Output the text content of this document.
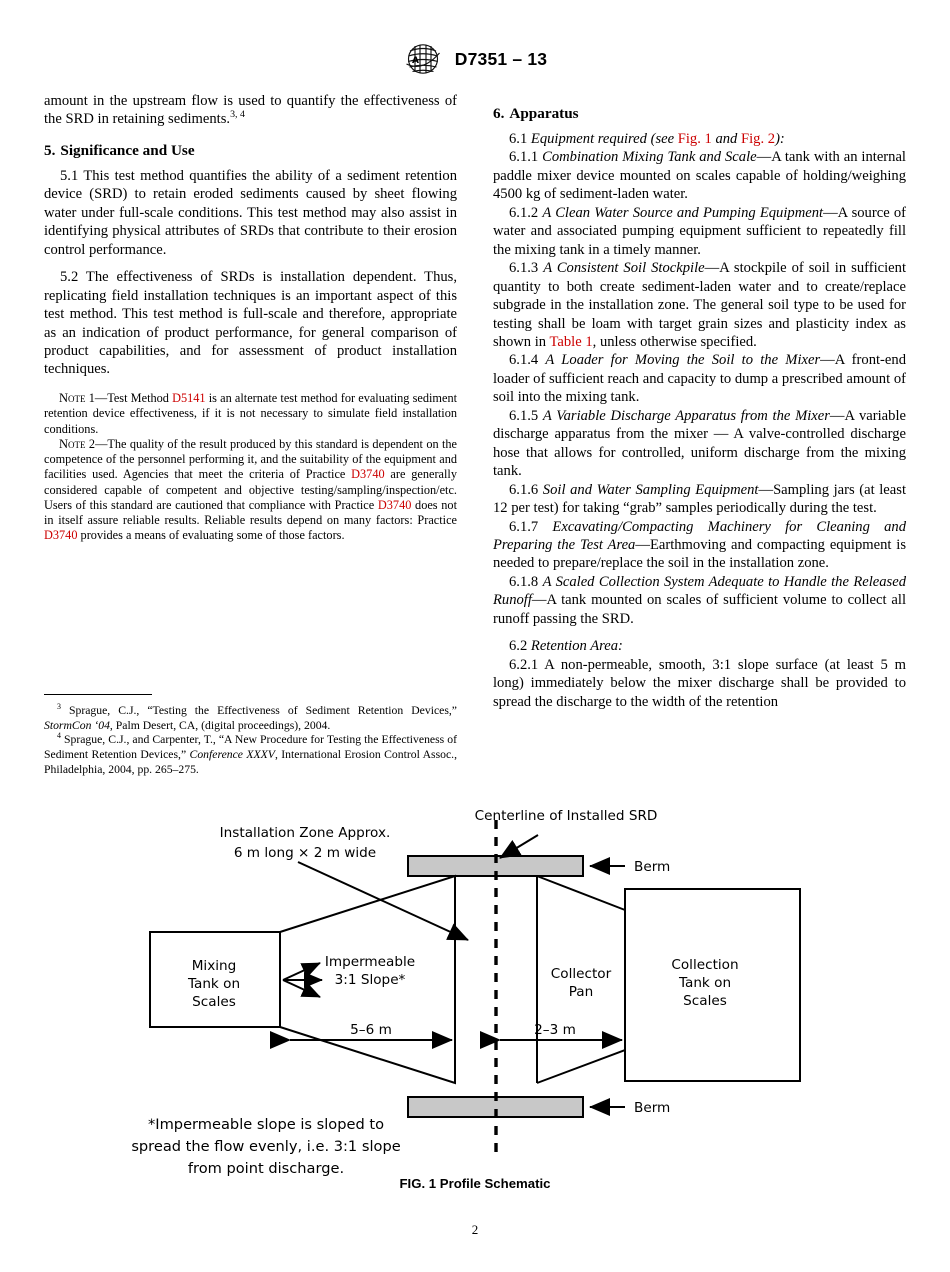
A D7351 – 13

amount in the upstream flow is used to quantify the effectiveness of the SRD in retaining sediments.$^{3, 4}$

5. Significance and Use

5.1 This test method quantifies the ability of a sediment retention device (SRD) to retain eroded sediments caused by sheet flowing water under full-scale conditions. This test method may also assist in identifying physical attributes of SRDs that contribute to their erosion control performance.

5.2 The effectiveness of SRDs is installation dependent. Thus, replicating field installation techniques is an important aspect of this test method. This test method is full-scale and therefore, appropriate as an indication of product performance, for general comparison of product capabilities, and for assessment of product installation techniques.

Note 1—Test Method D5141 is an alternate test method for evaluating sediment retention device effectiveness, if it is not necessary to simulate field installation conditions.

Note 2—The quality of the result produced by this standard is dependent on the competence of the personnel performing it, and the suitability of the equipment and facilities used. Agencies that meet the criteria of Practice D3740 are generally considered capable of competent and objective testing/sampling/inspection/etc. Users of this standard are cautioned that compliance with Practice D3740 does not in itself assure reliable results. Reliable results depend on many factors: Practice D3740 provides a means of evaluating some of those factors.

6. Apparatus

6.1 Equipment required (see Fig. 1 and Fig. 2):

6.1.1 Combination Mixing Tank and Scale—A tank with an internal paddle mixer device mounted on scales capable of holding/weighing 4500 kg of sediment-laden water.

6.1.2 A Clean Water Source and Pumping Equipment—A source of water and associated pumping equipment sufficient to repeatedly fill the mixing tank in a timely manner.

6.1.3 A Consistent Soil Stockpile—A stockpile of soil in sufficient quantity to both create sediment-laden water and to create/replace subgrade in the installation zone. The general soil type to be used for testing shall be loam with target grain sizes and plasticity index as shown in Table 1, unless otherwise specified.

6.1.4 A Loader for Moving the Soil to the Mixer—A front-end loader of sufficient reach and capacity to dump a prescribed amount of soil into the mixing tank.

6.1.5 A Variable Discharge Apparatus from the Mixer—A variable discharge apparatus from the mixer — A valve-controlled discharge hose that allows for controlled, uniform discharge from the mixing tank.

6.1.6 Soil and Water Sampling Equipment—Sampling jars (at least 12 per test) for taking “grab” samples periodically during the test.

6.1.7 Excavating/Compacting Machinery for Cleaning and Preparing the Test Area—Earthmoving and compacting equipment is needed to prepare/replace the soil in the installation zone.

6.1.8 A Scaled Collection System Adequate to Handle the Released Runoff—A tank mounted on scales of sufficient volume to collect all runoff passing the SRD.

6.2 Retention Area:

6.2.1 A non-permeable, smooth, 3:1 slope surface (at least 5 m long) immediately below the mixer discharge shall be provided to spread the discharge to the width of the retention

$^3$ Sprague, C.J., “Testing the Effectiveness of Sediment Retention Devices,” StormCon ‘04, Palm Desert, CA, (digital proceedings), 2004.

$^4$ Sprague, C.J., and Carpenter, T., “A New Procedure for Testing the Effectiveness of Sediment Retention Devices,” Conference XXXV, International Erosion Control Assoc., Philadelphia, 2004, pp. 265–275.

Installation Zone Approx.
6 m long × 2 m wide
Centerline of Installed SRD
Berm
Berm
Mixing
Tank on
Scales
Impermeable
3:1 Slope*	Collector
Pan
Collection
Tank on
Scales
5–6 m	2–3 m
*Impermeable slope is sloped to
spread the flow evenly, i.e. 3:1 slope
from point discharge.
FIG. 1 Profile Schematic
2
